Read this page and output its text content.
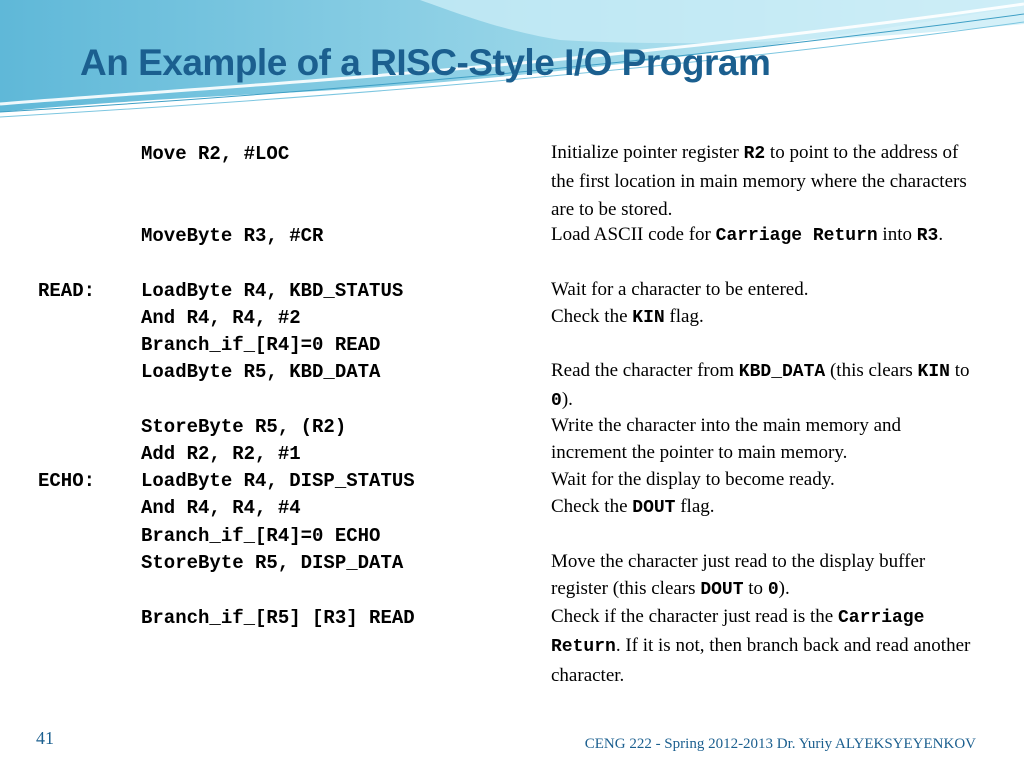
An Example of a RISC-Style I/O Program
READ:
ECHO:
Move R2, #LOC
MoveByte R3, #CR
LoadByte R4, KBD_STATUS
And R4, R4, #2
Branch_if_[R4]=0 READ
LoadByte R5, KBD_DATA
StoreByte R5, (R2)
Add R2, R2, #1
LoadByte R4, DISP_STATUS
And R4, R4, #4
Branch_if_[R4]=0 ECHO
StoreByte R5, DISP_DATA
Branch_if_[R5] [R3] READ
Initialize pointer register R2 to point to the address of the first location in main memory where the characters are to be stored.
Load ASCII code for Carriage Return into R3.
Wait for a character to be entered.
Check the KIN flag.
Read the character from KBD_DATA (this clears KIN to 0).
Write the character into the main memory and increment the pointer to main memory.
Wait for the display to become ready.
Check the DOUT flag.
Move the character just read to the display buffer register (this clears DOUT to 0).
Check if the character just read is the Carriage Return. If it is not, then branch back and read another character.
41	CENG 222 - Spring 2012-2013 Dr. Yuriy ALYEKSYEYENKOV
